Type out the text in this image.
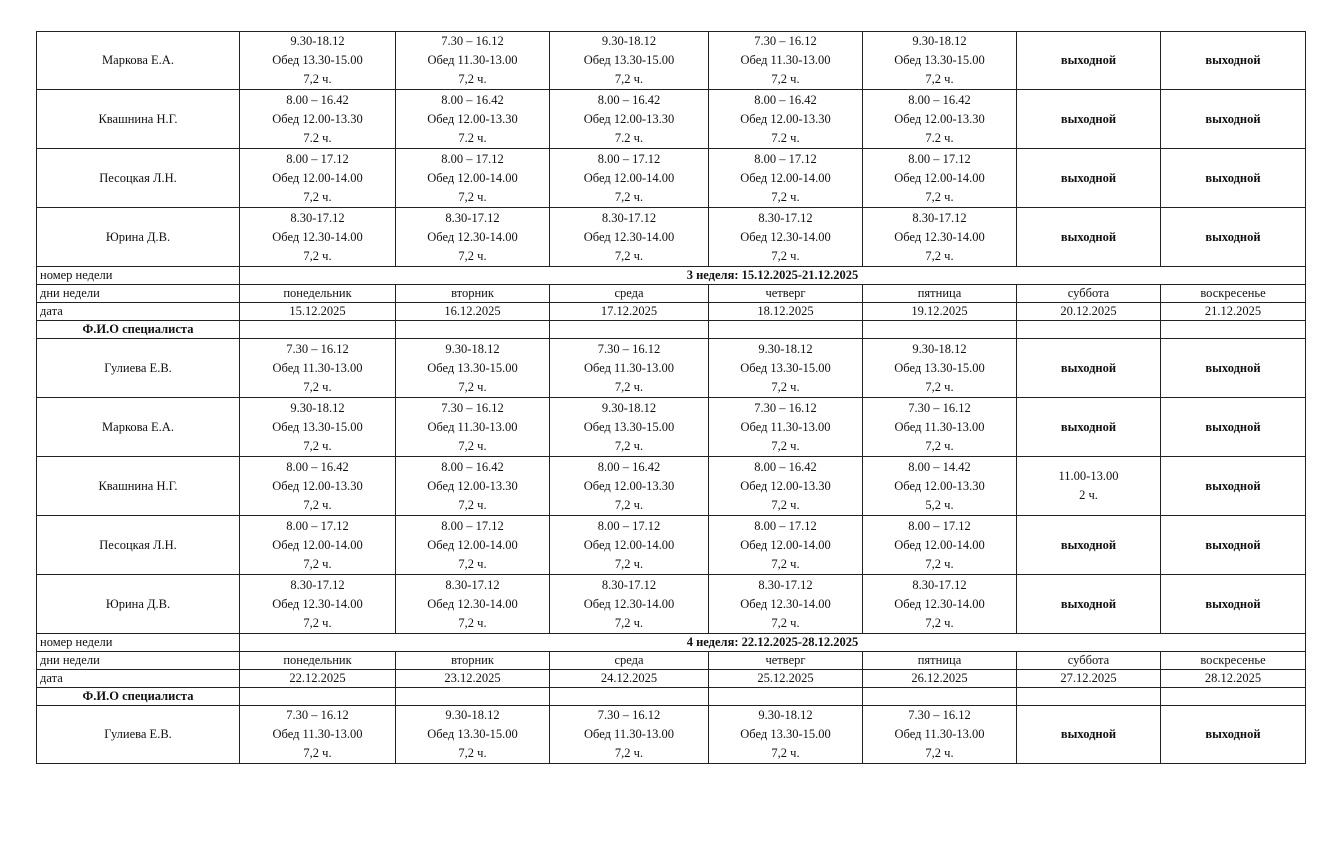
Маркова Е.А.	9.30-18.12
Обед 13.30-15.00
7,2 ч.	7.30 – 16.12
Обед 11.30-13.00
7,2 ч.	9.30-18.12
Обед 13.30-15.00
7,2 ч.	7.30 – 16.12
Обед 11.30-13.00
7,2 ч.	9.30-18.12
Обед 13.30-15.00
7,2 ч.	выходной	выходной
Квашнина Н.Г.	8.00 – 16.42
Обед 12.00-13.30
7.2 ч.	8.00 – 16.42
Обед 12.00-13.30
7.2 ч.	8.00 – 16.42
Обед 12.00-13.30
7.2 ч.	8.00 – 16.42
Обед 12.00-13.30
7.2 ч.	8.00 – 16.42
Обед 12.00-13.30
7.2 ч.	выходной	выходной
Песоцкая Л.Н.	8.00 – 17.12
Обед 12.00-14.00
7,2 ч.	8.00 – 17.12
Обед 12.00-14.00
7,2 ч.	8.00 – 17.12
Обед 12.00-14.00
7,2 ч.	8.00 – 17.12
Обед 12.00-14.00
7,2 ч.	8.00 – 17.12
Обед 12.00-14.00
7,2 ч.	выходной	выходной
Юрина Д.В.	8.30-17.12
Обед 12.30-14.00
7,2 ч.	8.30-17.12
Обед 12.30-14.00
7,2 ч.	8.30-17.12
Обед 12.30-14.00
7,2 ч.	8.30-17.12
Обед 12.30-14.00
7,2 ч.	8.30-17.12
Обед 12.30-14.00
7,2 ч.	выходной	выходной
номер недели	3 неделя: 15.12.2025-21.12.2025						
дни недели	понедельник	вторник	среда	четверг	пятница	суббота	воскресенье
дата	15.12.2025	16.12.2025	17.12.2025	18.12.2025	19.12.2025	20.12.2025	21.12.2025
Ф.И.О специалиста							
Гулиева Е.В.	7.30 – 16.12
Обед 11.30-13.00
7,2 ч.	9.30-18.12
Обед 13.30-15.00
7,2 ч.	7.30 – 16.12
Обед 11.30-13.00
7,2 ч.	9.30-18.12
Обед 13.30-15.00
7,2 ч.	9.30-18.12
Обед 13.30-15.00
7,2 ч.	выходной	выходной
Маркова Е.А.	9.30-18.12
Обед 13.30-15.00
7,2 ч.	7.30 – 16.12
Обед 11.30-13.00
7,2 ч.	9.30-18.12
Обед 13.30-15.00
7,2 ч.	7.30 – 16.12
Обед 11.30-13.00
7,2 ч.	7.30 – 16.12
Обед 11.30-13.00
7,2 ч.	выходной	выходной
Квашнина Н.Г.	8.00 – 16.42
Обед 12.00-13.30
7,2 ч.	8.00 – 16.42
Обед 12.00-13.30
7,2 ч.	8.00 – 16.42
Обед 12.00-13.30
7,2 ч.	8.00 – 16.42
Обед 12.00-13.30
7,2 ч.	8.00 – 14.42
Обед 12.00-13.30
5,2 ч.	11.00-13.00
2 ч.	выходной
Песоцкая Л.Н.	8.00 – 17.12
Обед 12.00-14.00
7,2 ч.	8.00 – 17.12
Обед 12.00-14.00
7,2 ч.	8.00 – 17.12
Обед 12.00-14.00
7,2 ч.	8.00 – 17.12
Обед 12.00-14.00
7,2 ч.	8.00 – 17.12
Обед 12.00-14.00
7,2 ч.	выходной	выходной
Юрина Д.В.	8.30-17.12
Обед 12.30-14.00
7,2 ч.	8.30-17.12
Обед 12.30-14.00
7,2 ч.	8.30-17.12
Обед 12.30-14.00
7,2 ч.	8.30-17.12
Обед 12.30-14.00
7,2 ч.	8.30-17.12
Обед 12.30-14.00
7,2 ч.	выходной	выходной
номер недели	4 неделя: 22.12.2025-28.12.2025						
дни недели	понедельник	вторник	среда	четверг	пятница	суббота	воскресенье
дата	22.12.2025	23.12.2025	24.12.2025	25.12.2025	26.12.2025	27.12.2025	28.12.2025
Ф.И.О специалиста							
Гулиева Е.В.	7.30 – 16.12
Обед 11.30-13.00
7,2 ч.	9.30-18.12
Обед 13.30-15.00
7,2 ч.	7.30 – 16.12
Обед 11.30-13.00
7,2 ч.	9.30-18.12
Обед 13.30-15.00
7,2 ч.	7.30 – 16.12
Обед 11.30-13.00
7,2 ч.	выходной	выходной
